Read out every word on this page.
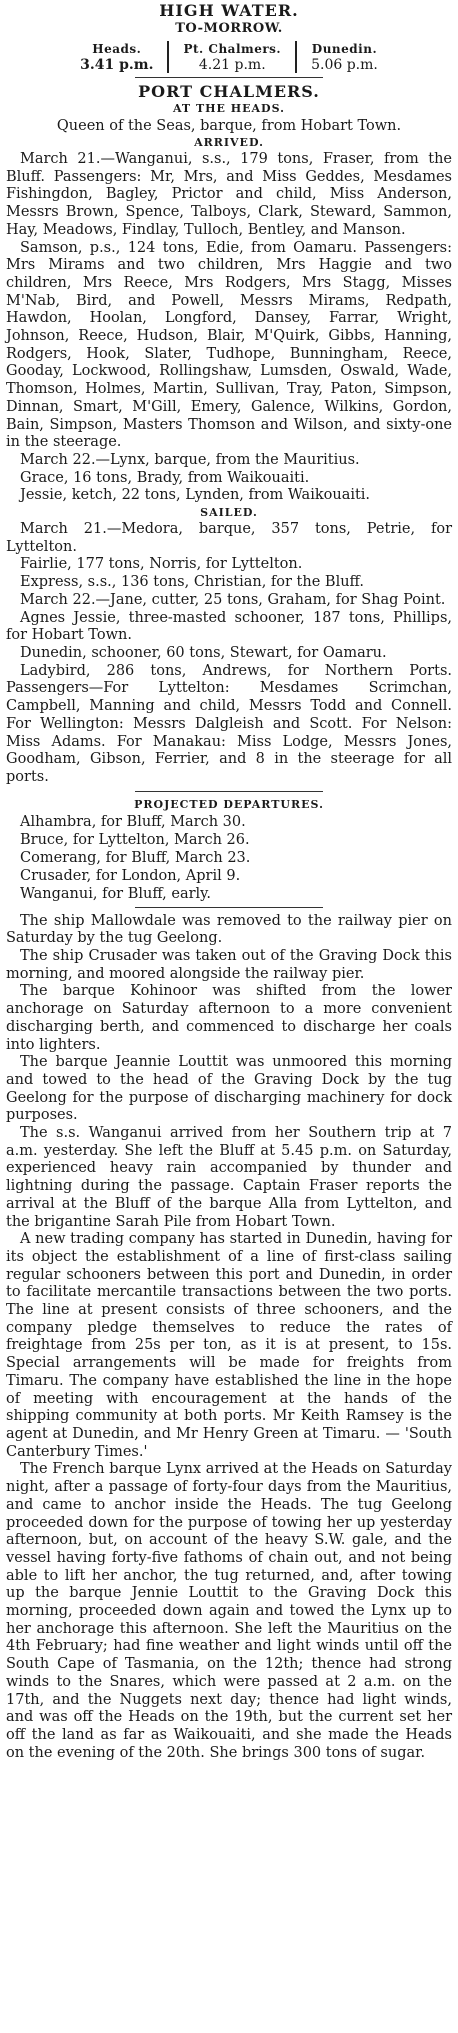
HIGH WATER.
TO-MORROW.
Heads.
3.41 p.m.
Pt. Chalmers.
4.21 p.m.
Dunedin.
5.06 p.m.
PORT CHALMERS.
AT THE HEADS.
Queen of the Seas, barque, from Hobart Town.
ARRIVED.

March 21.—Wanganui, s.s., 179 tons, Fraser, from the Bluff. Passengers: Mr, Mrs, and Miss Geddes, Mesdames Fishingdon, Bagley, Prictor and child, Miss Anderson, Messrs Brown, Spence, Talboys, Clark, Steward, Sammon, Hay, Meadows, Findlay, Tulloch, Bentley, and Manson.

Samson, p.s., 124 tons, Edie, from Oamaru. Passengers: Mrs Mirams and two children, Mrs Haggie and two children, Mrs Reece, Mrs Rodgers, Mrs Stagg, Misses M'Nab, Bird, and Powell, Messrs Mirams, Redpath, Hawdon, Hoolan, Longford, Dansey, Farrar, Wright, Johnson, Reece, Hudson, Blair, M'Quirk, Gibbs, Hanning, Rodgers, Hook, Slater, Tudhope, Bunningham, Reece, Gooday, Lockwood, Rollingshaw, Lumsden, Oswald, Wade, Thomson, Holmes, Martin, Sullivan, Tray, Paton, Simpson, Dinnan, Smart, M'Gill, Emery, Galence, Wilkins, Gordon, Bain, Simpson, Masters Thomson and Wilson, and sixty-one in the steerage.

March 22.—Lynx, barque, from the Mauritius.

Grace, 16 tons, Brady, from Waikouaiti.

Jessie, ketch, 22 tons, Lynden, from Waikouaiti.

SAILED.

March 21.—Medora, barque, 357 tons, Petrie, for Lyttelton.

Fairlie, 177 tons, Norris, for Lyttelton.

Express, s.s., 136 tons, Christian, for the Bluff.

March 22.—Jane, cutter, 25 tons, Graham, for Shag Point.

Agnes Jessie, three-masted schooner, 187 tons, Phillips, for Hobart Town.

Dunedin, schooner, 60 tons, Stewart, for Oamaru.

Ladybird, 286 tons, Andrews, for Northern Ports. Passengers—For Lyttelton: Mesdames Scrimchan, Campbell, Manning and child, Messrs Todd and Connell. For Wellington: Messrs Dalgleish and Scott. For Nelson: Miss Adams. For Manakau: Miss Lodge, Messrs Jones, Goodham, Gibson, Ferrier, and 8 in the steerage for all ports.

PROJECTED DEPARTURES.
Alhambra, for Bluff, March 30.
Bruce, for Lyttelton, March 26.
Comerang, for Bluff, March 23.
Crusader, for London, April 9.
Wanganui, for Bluff, early.

The ship Mallowdale was removed to the railway pier on Saturday by the tug Geelong.

The ship Crusader was taken out of the Graving Dock this morning, and moored alongside the railway pier.

The barque Kohinoor was shifted from the lower anchorage on Saturday afternoon to a more convenient discharging berth, and commenced to discharge her coals into lighters.

The barque Jeannie Louttit was unmoored this morning and towed to the head of the Graving Dock by the tug Geelong for the purpose of discharging machinery for dock purposes.

The s.s. Wanganui arrived from her Southern trip at 7 a.m. yesterday. She left the Bluff at 5.45 p.m. on Saturday, experienced heavy rain accompanied by thunder and lightning during the passage. Captain Fraser reports the arrival at the Bluff of the barque Alla from Lyttelton, and the brigantine Sarah Pile from Hobart Town.

A new trading company has started in Dunedin, having for its object the establishment of a line of first-class sailing regular schooners between this port and Dunedin, in order to facilitate mercantile transactions between the two ports. The line at present consists of three schooners, and the company pledge themselves to reduce the rates of freightage from 25s per ton, as it is at present, to 15s. Special arrangements will be made for freights from Timaru. The company have established the line in the hope of meeting with encouragement at the hands of the shipping community at both ports. Mr Keith Ramsey is the agent at Dunedin, and Mr Henry Green at Timaru. — 'South Canterbury Times.'

The French barque Lynx arrived at the Heads on Saturday night, after a passage of forty-four days from the Mauritius, and came to anchor inside the Heads. The tug Geelong proceeded down for the purpose of towing her up yesterday afternoon, but, on account of the heavy S.W. gale, and the vessel having forty-five fathoms of chain out, and not being able to lift her anchor, the tug returned, and, after towing up the barque Jennie Louttit to the Graving Dock this morning, proceeded down again and towed the Lynx up to her anchorage this afternoon. She left the Mauritius on the 4th February; had fine weather and light winds until off the South Cape of Tasmania, on the 12th; thence had strong winds to the Snares, which were passed at 2 a.m. on the 17th, and the Nuggets next day; thence had light winds, and was off the Heads on the 19th, but the current set her off the land as far as Waikouaiti, and she made the Heads on the evening of the 20th. She brings 300 tons of sugar.
